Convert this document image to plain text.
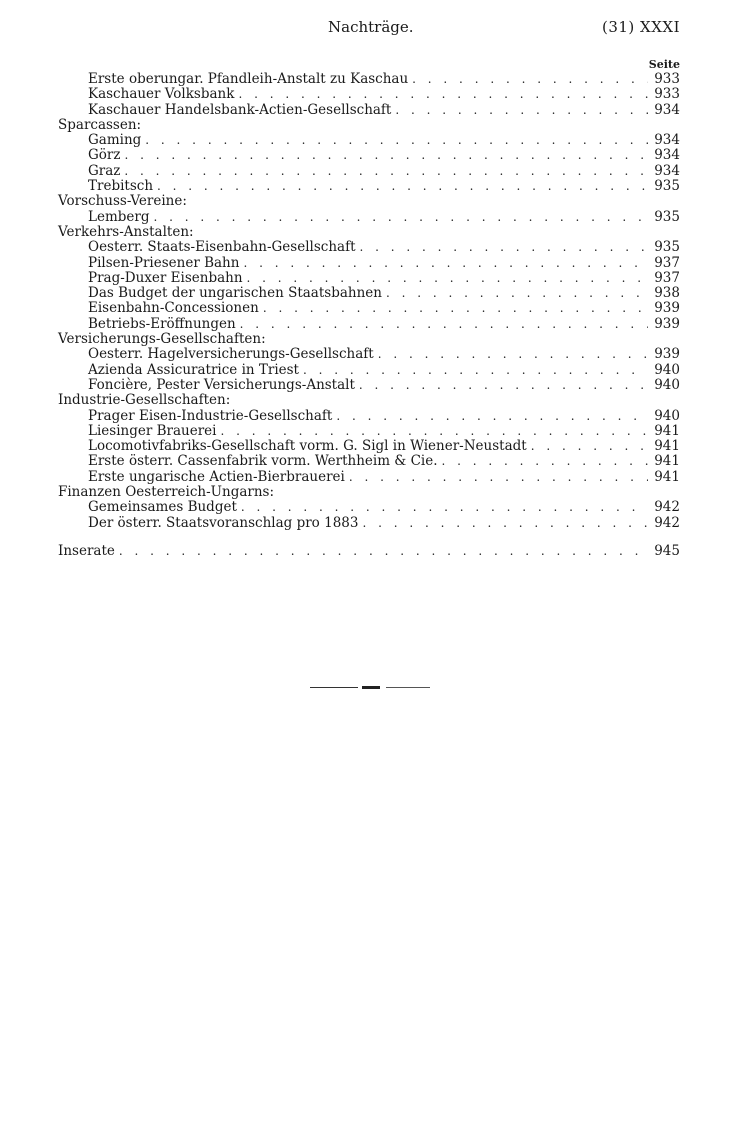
Nachträge.	(31) XXXI
Seite
Erste oberungar. Pfandleih-Anstalt zu Kaschau . . .	933
Kaschauer Volksbank . . .	933
Kaschauer Handelsbank-Actien-Gesellschaft . . .	934
Sparcassen:
Gaming . . .	934
Görz . . .	934
Graz . . .	934
Trebitsch . . .	935
Vorschuss-Vereine:
Lemberg . . .	935
Verkehrs-Anstalten:
Oesterr. Staats-Eisenbahn-Gesellschaft . . .	935
Pilsen-Priesener Bahn . . .	937
Prag-Duxer Eisenbahn . . .	937
Das Budget der ungarischen Staatsbahnen . . .	938
Eisenbahn-Concessionen . . .	939
Betriebs-Eröffnungen . . .	939
Versicherungs-Gesellschaften:
Oesterr. Hagelversicherungs-Gesellschaft . . .	939
Azienda Assicuratrice in Triest . . .	940
Foncière, Pester Versicherungs-Anstalt . . .	940
Industrie-Gesellschaften:
Prager Eisen-Industrie-Gesellschaft . . .	940
Liesinger Brauerei . . .	941
Locomotivfabriks-Gesellschaft vorm. G. Sigl in Wiener-Neustadt . . .	941
Erste österr. Cassenfabrik vorm. Werthheim & Cie. . . .	941
Erste ungarische Actien-Bierbrauerei . . .	941
Finanzen Oesterreich-Ungarns:
Gemeinsames Budget . . .	942
Der österr. Staatsvoranschlag pro 1883 . . .	942
Inserate . . .	945
